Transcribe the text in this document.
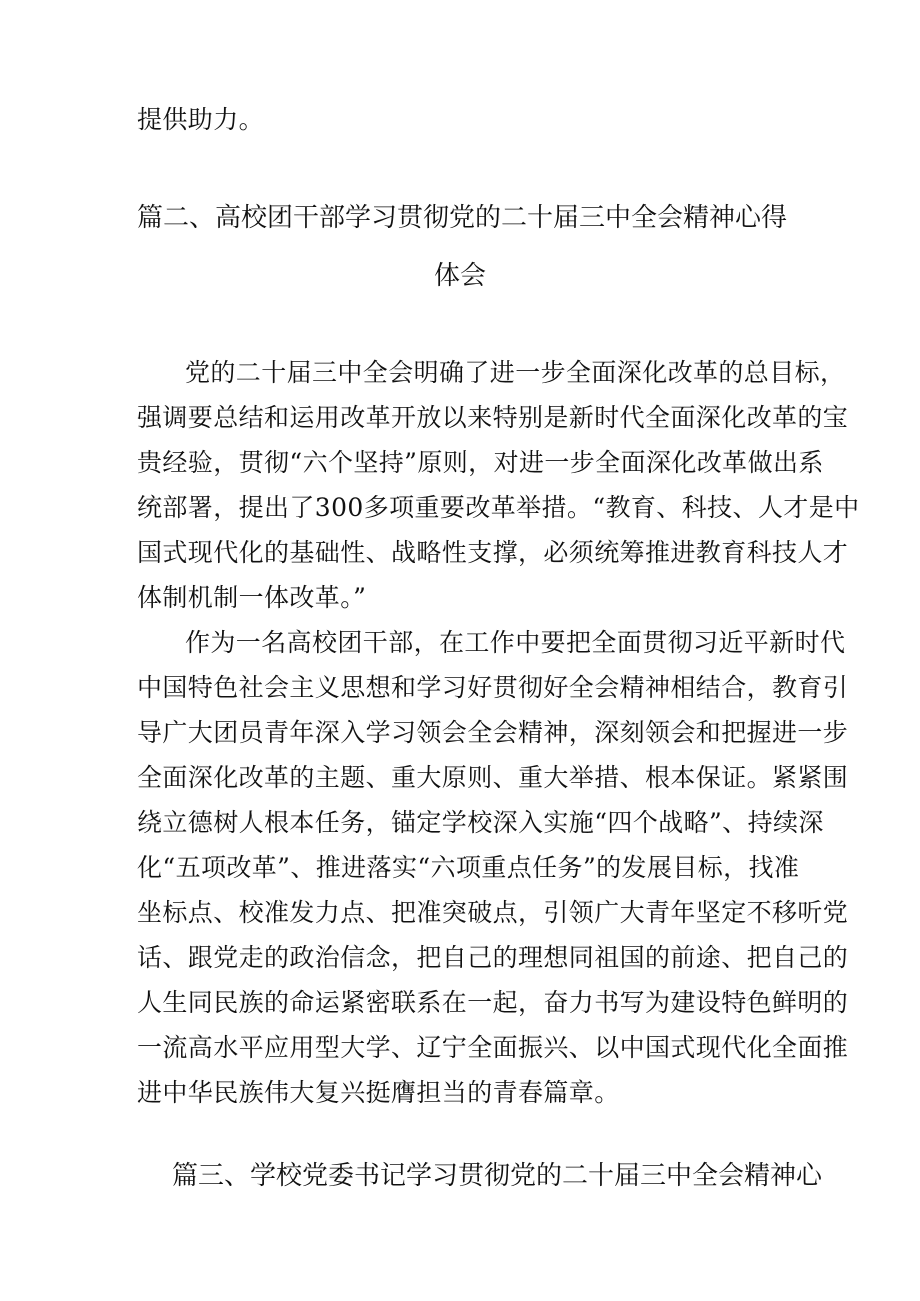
提供助力。
篇二、高校团干部学习贯彻党的二十届三中全会精神心得
体会
党的二十届三中全会明确了进一步全面深化改革的总目标，
强调要总结和运用改革开放以来特别是新时代全面深化改革的宝
贵经验，贯彻“六个坚持”原则，对进一步全面深化改革做出系
统部署，提出了300多项重要改革举措。“教育、科技、人才是中
国式现代化的基础性、战略性支撑，必须统筹推进教育科技人才
体制机制一体改革。”
作为一名高校团干部，在工作中要把全面贯彻习近平新时代
中国特色社会主义思想和学习好贯彻好全会精神相结合，教育引
导广大团员青年深入学习领会全会精神，深刻领会和把握进一步
全面深化改革的主题、重大原则、重大举措、根本保证。紧紧围
绕立德树人根本任务，锚定学校深入实施“四个战略”、持续深
化“五项改革”、推进落实“六项重点任务”的发展目标，找准
坐标点、校准发力点、把准突破点，引领广大青年坚定不移听党
话、跟党走的政治信念，把自己的理想同祖国的前途、把自己的
人生同民族的命运紧密联系在一起，奋力书写为建设特色鲜明的
一流高水平应用型大学、辽宁全面振兴、以中国式现代化全面推
进中华民族伟大复兴挺膺担当的青春篇章。
篇三、学校党委书记学习贯彻党的二十届三中全会精神心
